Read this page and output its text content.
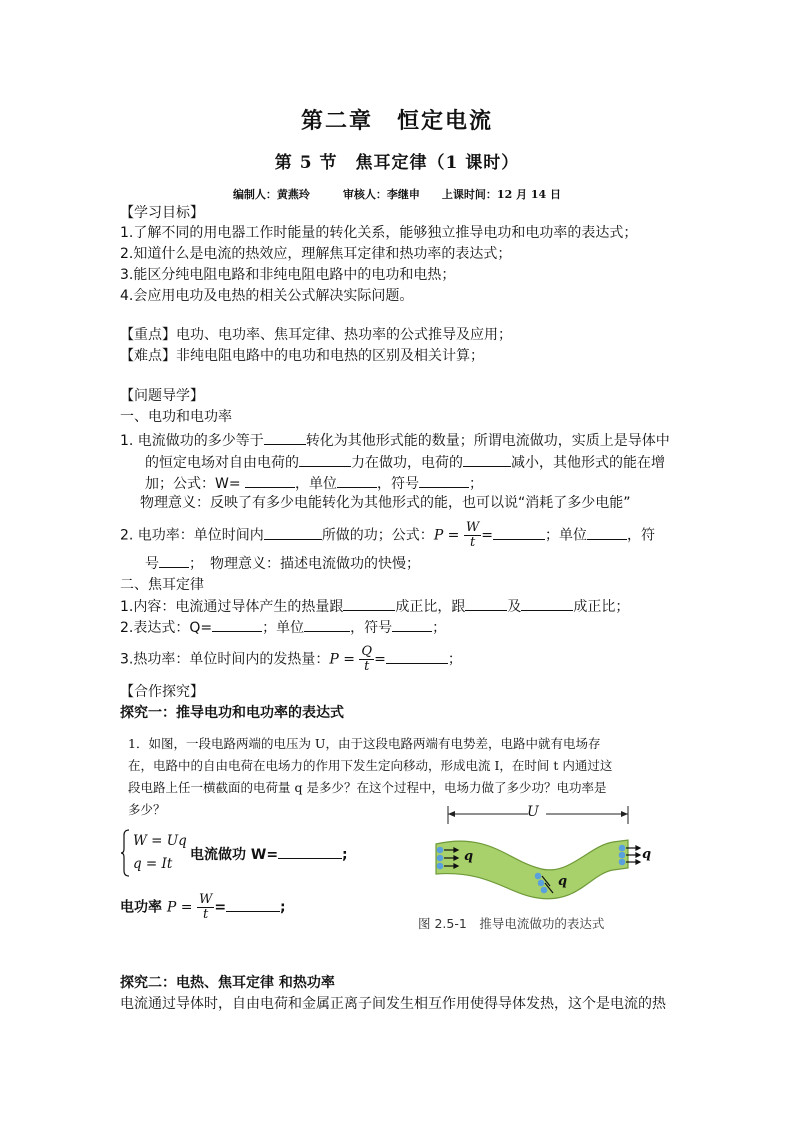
第二章　恒定电流
第 5 节　焦耳定律（1 课时）
编制人：黄燕玲　　　审核人：李继申　　上课时间：12 月 14 日
【学习目标】
1.了解不同的用电器工作时能量的转化关系，能够独立推导电功和电功率的表达式；
2.知道什么是电流的热效应，理解焦耳定律和热功率的表达式；
3.能区分纯电阻电路和非纯电阻电路中的电功和电热；
4.会应用电功及电热的相关公式解决实际问题。
【重点】电功、电功率、焦耳定律、热功率的公式推导及应用；
【难点】非纯电阻电路中的电功和电热的区别及相关计算；
【问题导学】
一、电功和电功率
1. 电流做功的多少等于	转化为其他形式能的数量；所谓电流做功，实质上是导体中
的恒定电场对自由电荷的	力在做功，电荷的	减小，其他形式的能在增
加；公式：W=	，单位	，符号	；
物理意义：反映了有多少电能转化为其他形式的能，也可以说“消耗了多少电能”
2. 电功率：单位时间内	所做的功；公式：$P = \frac{W}{t}$ =	；单位	，符
号 ；　物理意义：描述电流做功的快慢；
二、焦耳定律
1.内容：电流通过导体产生的热量跟	成正比，跟	及	成正比；
2.表达式：Q=	；单位	，符号	；
3.热功率：单位时间内的发热量：$P = \frac{Q}{t}$ =	；
【合作探究】
探究一：推导电功和电功率的表达式
1．如图，一段电路两端的电压为 U，由于这段电路两端有电势差，电路中就有电场存
在，电路中的自由电荷在电场力的作用下发生定向移动，形成电流 I，在时间 t 内通过这
段电路上任一横截面的电荷量 q 是多少？在这个过程中，电场力做了多少功？电功率是
多少？
W = Uq
q = It
电流做功 W=	;
电功率 $P = \frac{W}{t}$ =	;
U
q
q
q
图 2.5-1　推导电流做功的表达式
探究二：电热、焦耳定律 和热功率
电流通过导体时，自由电荷和金属正离子间发生相互作用使得导体发热，这个是电流的热
